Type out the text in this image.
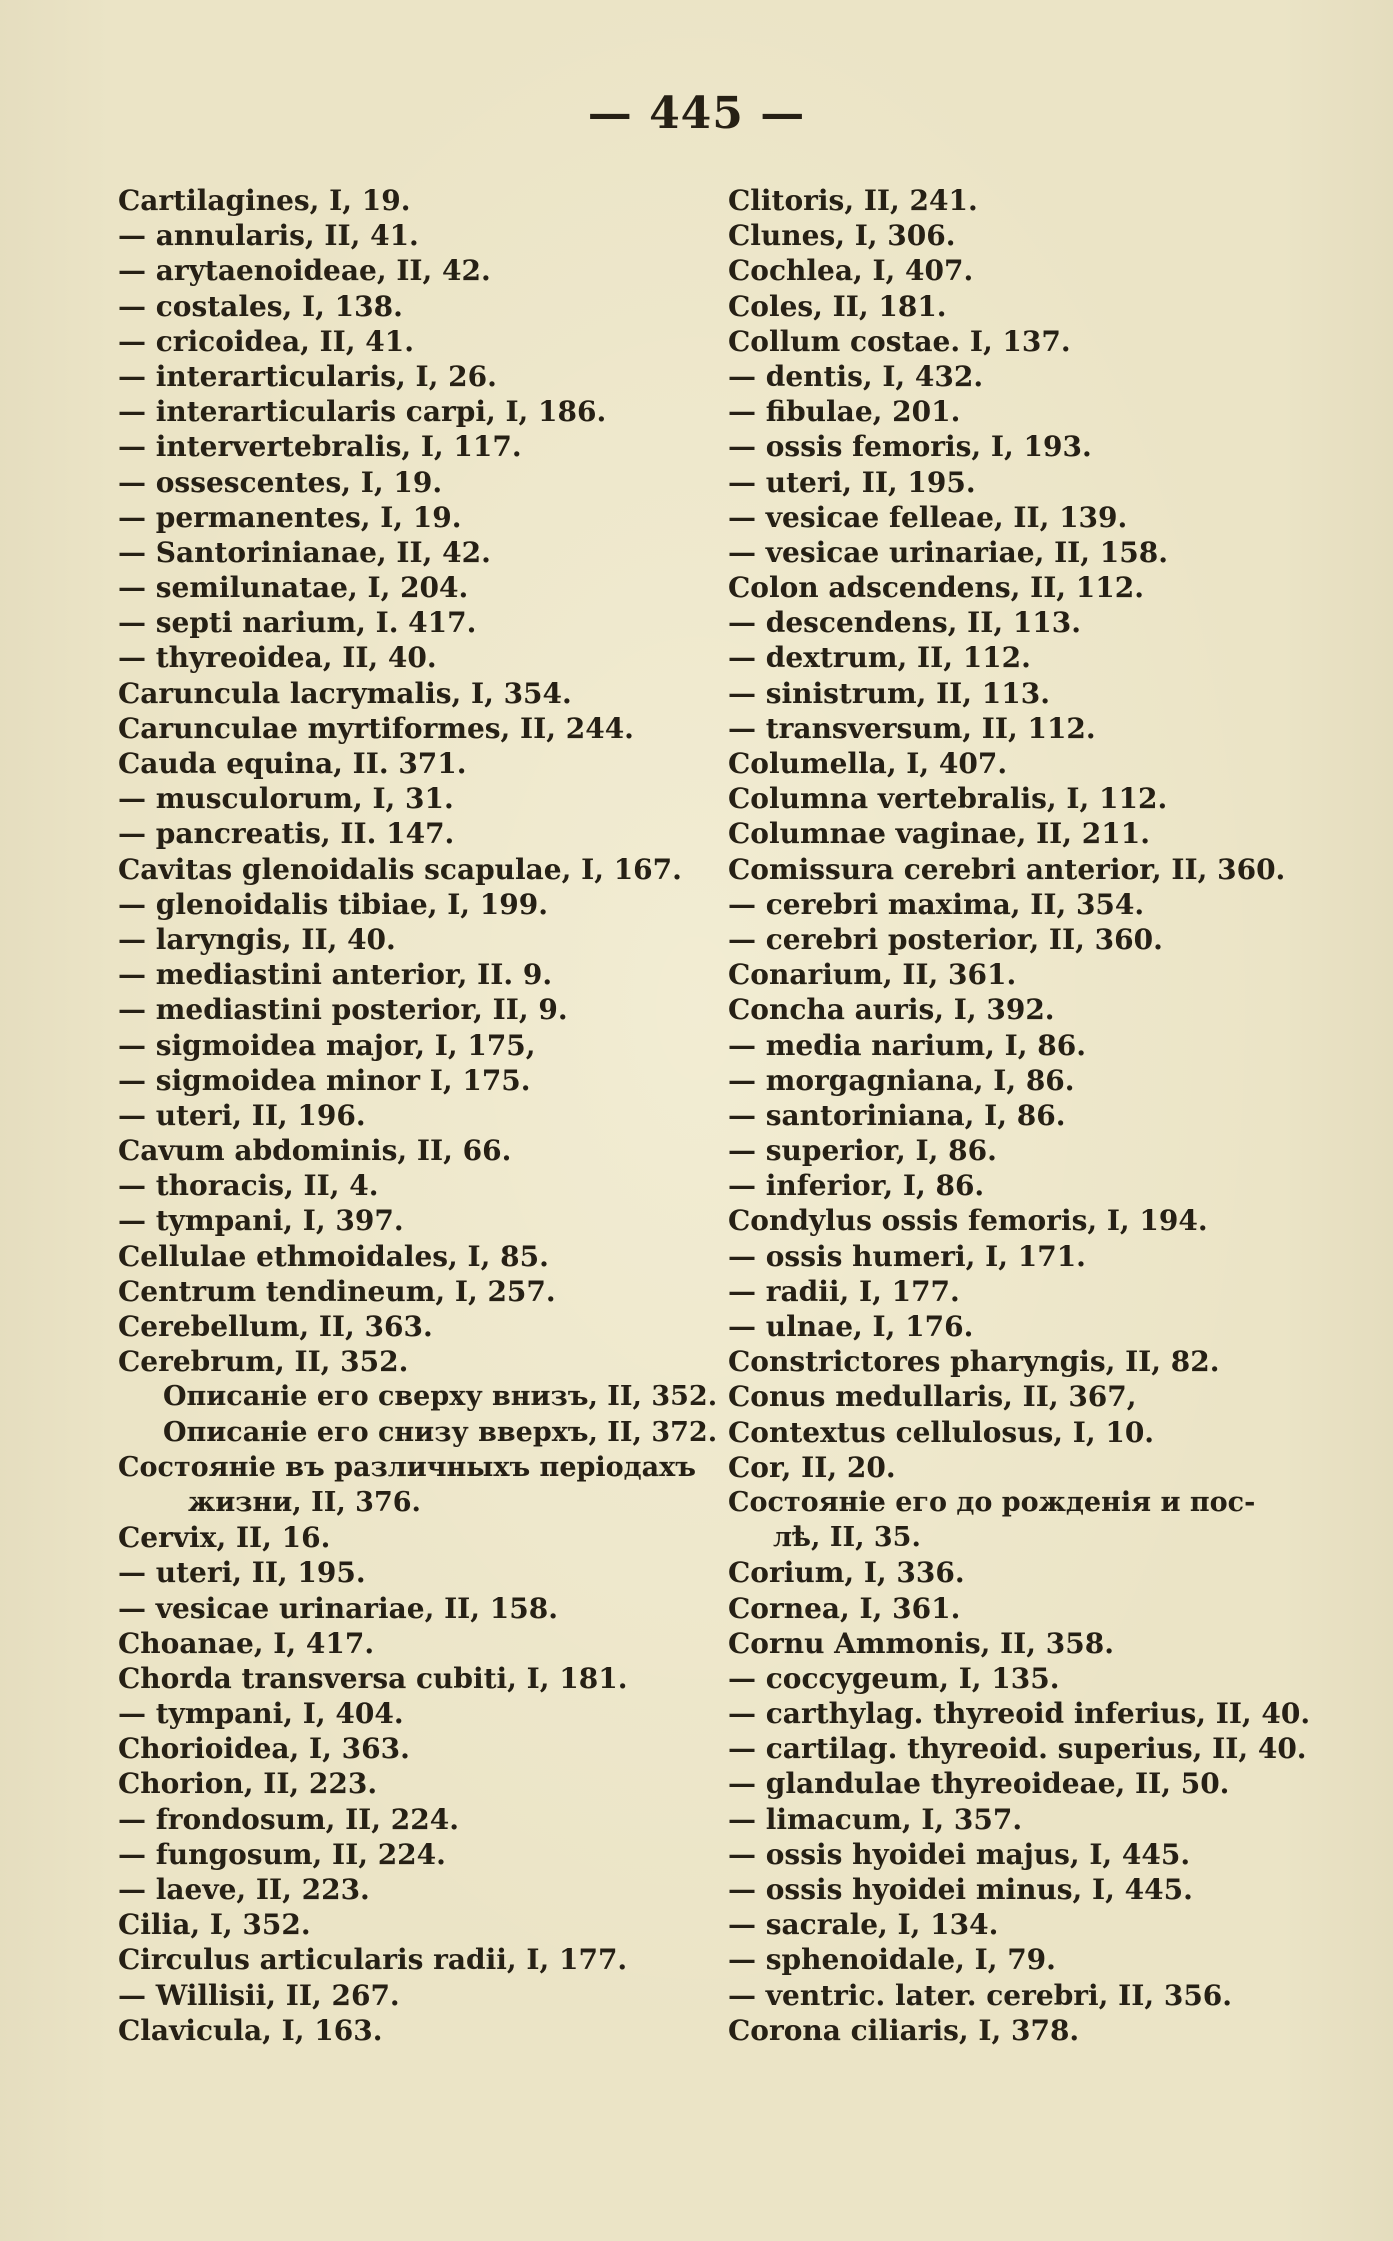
— 445 —
Cartilagines, I, 19.
— annularis, II, 41.
— arytaenoideae, II, 42.
— costales, I, 138.
— cricoidea, II, 41.
— interarticularis, I, 26.
— interarticularis carpi, I, 186.
— intervertebralis, I, 117.
— ossescentes, I, 19.
— permanentes, I, 19.
— Santoriniаnae, II, 42.
— semilunatae, I, 204.
— septi narium, I. 417.
— thyreoidea, II, 40.
Caruncula lacrymalis, I, 354.
Carunculae myrtiformes, II, 244.
Cauda equina, II. 371.
— musculorum, I, 31.
— pancreatis, II. 147.
Cavitas glenoidalis scapulae, I, 167.
— glenoidalis tibiae, I, 199.
— laryngis, II, 40.
— mediastini anterior, II. 9.
— mediastini posterior, II, 9.
— sigmoidea major, I, 175,
— sigmoidea minor I, 175.
— uteri, II, 196.
Cavum abdominis, II, 66.
— thoracis, II, 4.
— tympani, I, 397.
Cellulae ethmoidales, I, 85.
Centrum tendineum, I, 257.
Cerebellum, II, 363.
Cerebrum, II, 352.
Описаніе его сверху внизъ, II, 352.
Описаніе его снизу вверхъ, II, 372.
Состояніе въ различныхъ періодахъ
жизни, II, 376.
Cervix, II, 16.
— uteri, II, 195.
— vesicae urinariae, II, 158.
Choanae, I, 417.
Chorda transversa cubiti, I, 181.
— tympani, I, 404.
Chorioidea, I, 363.
Chorion, II, 223.
— frondosum, II, 224.
— fungosum, II, 224.
— laeve, II, 223.
Cilia, I, 352.
Circulus articularis radii, I, 177.
— Willisii, II, 267.
Clavicula, I, 163.
Clitoris, II, 241.
Clunes, I, 306.
Cochlea, I, 407.
Coles, II, 181.
Collum costae. I, 137.
— dentis, I, 432.
— fibulae, 201.
— ossis femoris, I, 193.
— uteri, II, 195.
— vesicae felleae, II, 139.
— vesicae urinariae, II, 158.
Colon adscendens, II, 112.
— descendens, II, 113.
— dextrum, II, 112.
— sinistrum, II, 113.
— transversum, II, 112.
Columella, I, 407.
Columna vertebralis, I, 112.
Columnae vaginae, II, 211.
Comissura cerebri anterior, II, 360.
— cerebri maxima, II, 354.
— cerebri posterior, II, 360.
Conarium, II, 361.
Concha auris, I, 392.
— media narium, I, 86.
— morgagniana, I, 86.
— santoriniana, I, 86.
— superior, I, 86.
— inferior, I, 86.
Condylus ossis femoris, I, 194.
— ossis humeri, I, 171.
— radii, I, 177.
— ulnae, I, 176.
Constrictores pharyngis, II, 82.
Conus medullaris, II, 367,
Contextus cellulosus, I, 10.
Cor, II, 20.
Состояніе его до рожденія и пос-
лѣ, II, 35.
Corium, I, 336.
Cornea, I, 361.
Cornu Ammonis, II, 358.
— coccygeum, I, 135.
— carthylag. thyreoid inferius, II, 40.
— cartilag. thyreoid. superius, II, 40.
— glandulae thyreoideae, II, 50.
— limacum, I, 357.
— ossis hyoidei majus, I, 445.
— ossis hyoidei minus, I, 445.
— sacrale, I, 134.
— sphenoidale, I, 79.
— ventric. later. cerebri, II, 356.
Corona ciliaris, I, 378.
